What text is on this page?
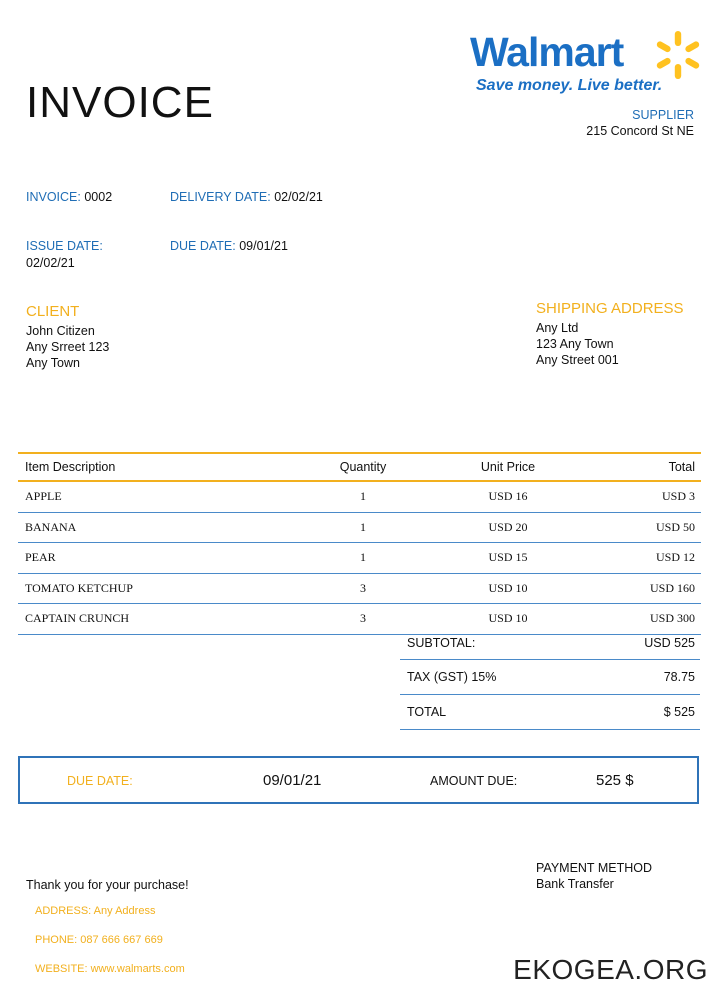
INVOICE
Walmart
Save money. Live better.
SUPPLIER
215 Concord St NE
INVOICE: 0002	DELIVERY DATE: 02/02/21
ISSUE DATE:
02/02/21
DUE DATE: 09/01/21
CLIENT
John Citizen
Any Srreet 123
Any Town
SHIPPING ADDRESS
Any Ltd
123 Any Town
Any Street 001
Item Description	Quantity	Unit Price	Total
APPLE	1	USD 16	USD 3
BANANA	1	USD 20	USD 50
PEAR	1	USD 15	USD 12
TOMATO KETCHUP	3	USD 10	USD 160
CAPTAIN CRUNCH	3	USD 10	USD 300
SUBTOTAL:	USD 525
TAX (GST) 15%	78.75
TOTAL	$ 525
DUE DATE:	09/01/21	AMOUNT DUE:	525 $
Thank you for your purchase!
ADDRESS: Any Address
PHONE: 087 666 667 669
WEBSITE: www.walmarts.com
PAYMENT METHOD
Bank Transfer
EKOGEA.ORG
